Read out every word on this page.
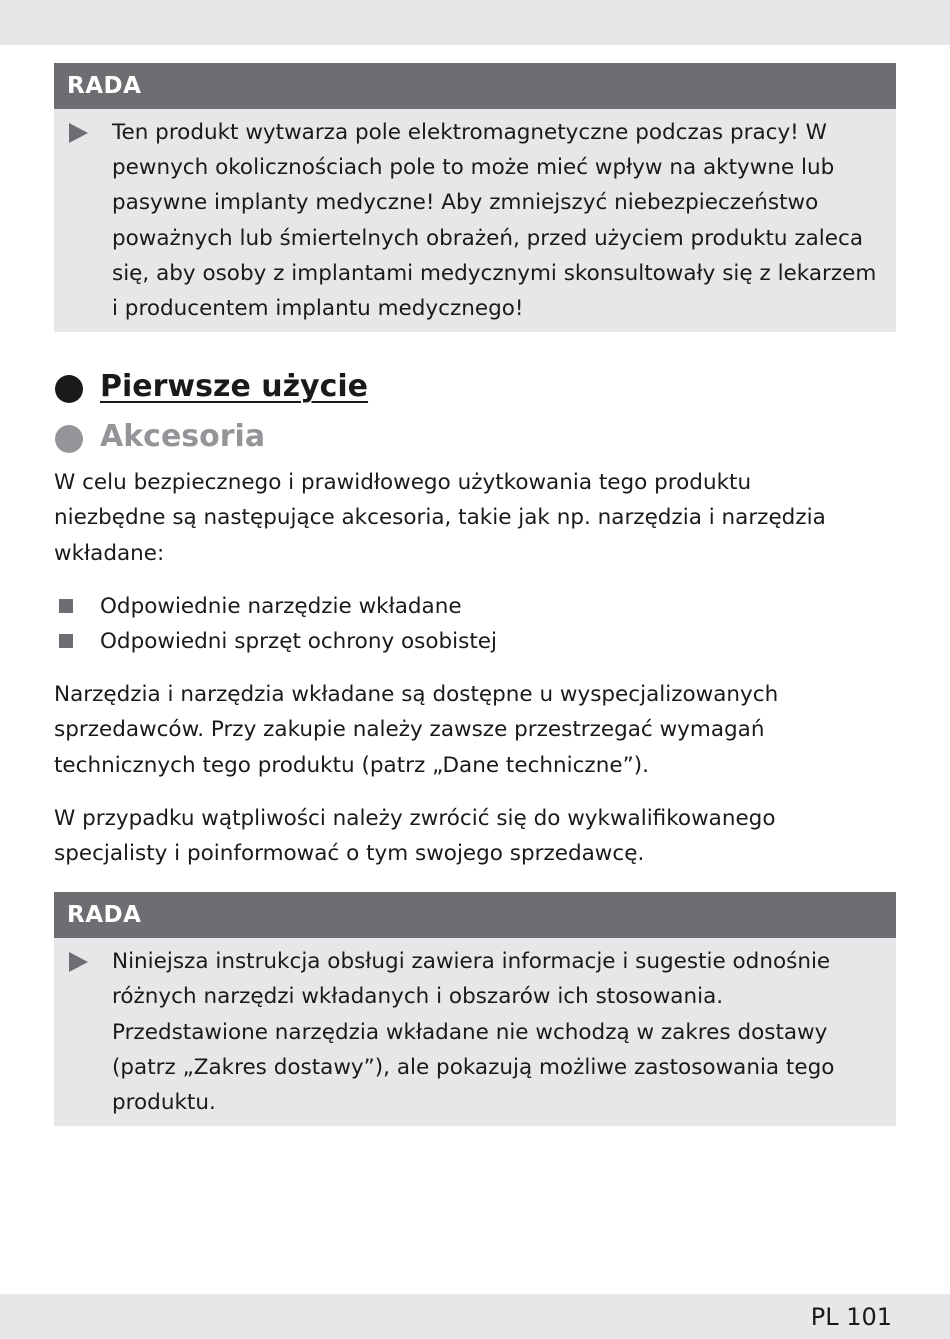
RADA

Ten produkt wytwarza pole elektromagnetyczne podczas pracy! W
pewnych okolicznościach pole to może mieć wpływ na aktywne lub
pasywne implanty medyczne! Aby zmniejszyć niebezpieczeństwo
poważnych lub śmiertelnych obrażeń, przed użyciem produktu zaleca
się, aby osoby z implantami medycznymi skonsultowały się z lekarzem
i producentem implantu medycznego!

Pierwsze użycie
Akcesoria

W celu bezpiecznego i prawidłowego użytkowania tego produktu
niezbędne są następujące akcesoria, takie jak np. narzędzia i narzędzia
wkładane:

Odpowiednie narzędzie wkładane
Odpowiedni sprzęt ochrony osobistej

Narzędzia i narzędzia wkładane są dostępne u wyspecjalizowanych
sprzedawców. Przy zakupie należy zawsze przestrzegać wymagań
technicznych tego produktu (patrz „Dane techniczne”).

W przypadku wątpliwości należy zwrócić się do wykwalifikowanego
specjalisty i poinformować o tym swojego sprzedawcę.

RADA

Niniejsza instrukcja obsługi zawiera informacje i sugestie odnośnie
różnych narzędzi wkładanych i obszarów ich stosowania.
Przedstawione narzędzia wkładane nie wchodzą w zakres dostawy
(patrz „Zakres dostawy”), ale pokazują możliwe zastosowania tego
produktu.

PL 101
